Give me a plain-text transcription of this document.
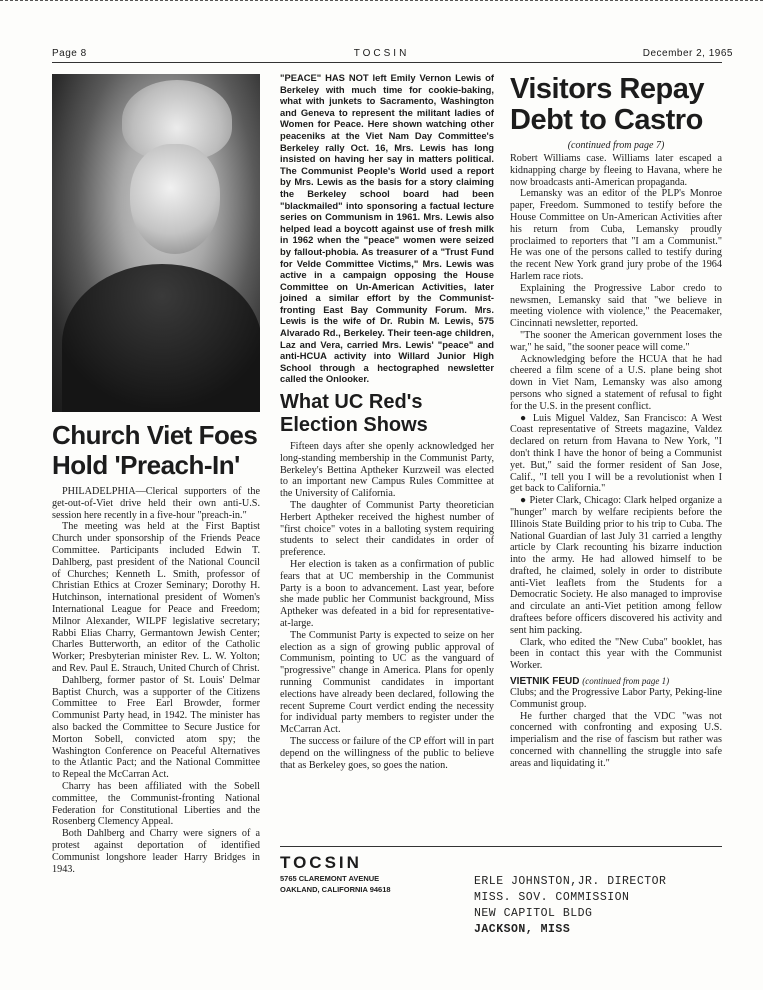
Page 8	TOCSIN	December 2, 1965
Church Viet Foes Hold 'Preach-In'

PHILADELPHIA—Clerical supporters of the get-out-of-Viet drive held their own anti-U.S. session here recently in a five-hour "preach-in."

The meeting was held at the First Baptist Church under sponsorship of the Friends Peace Committee. Participants included Edwin T. Dahlberg, past president of the National Council of Churches; Kenneth L. Smith, professor of Christian Ethics at Crozer Seminary; Dorothy H. Hutchinson, international president of Women's International League for Peace and Freedom; Milnor Alexander, WILPF legislative secretary; Rabbi Elias Charry, Germantown Jewish Center; Charles Butterworth, an editor of the Catholic Worker; Presbyterian minister Rev. L. W. Yolton; and Rev. Paul E. Strauch, United Church of Christ.

Dahlberg, former pastor of St. Louis' Delmar Baptist Church, was a supporter of the Citizens Committee to Free Earl Browder, former Communist Party head, in 1942. The minister has also backed the Committee to Secure Justice for Morton Sobell, convicted atom spy; the Washington Conference on Peaceful Alternatives to the Atlantic Pact; and the National Committee to Repeal the McCarran Act.

Charry has been affiliated with the Sobell committee, the Communist-fronting National Federation for Constitutional Liberties and the Rosenberg Clemency Appeal.

Both Dahlberg and Charry were signers of a protest against deportation of identified Communist longshore leader Harry Bridges in 1943.

"PEACE" HAS NOT left Emily Vernon Lewis of Berkeley with much time for cookie-baking, what with junkets to Sacramento, Washington and Geneva to represent the militant ladies of Women for Peace. Here shown watching other peaceniks at the Viet Nam Day Committee's Berkeley rally Oct. 16, Mrs. Lewis has long insisted on having her say in matters political. The Communist People's World used a report by Mrs. Lewis as the basis for a story claiming the Berkeley school board had been "blackmailed" into sponsoring a factual lecture series on Communism in 1961. Mrs. Lewis also helped lead a boycott against use of fresh milk in 1962 when the "peace" women were seized by fallout-phobia. As treasurer of a "Trust Fund for Velde Committee Victims," Mrs. Lewis was active in a campaign opposing the House Committee on Un-American Activities, later joined a similar effort by the Communist-fronting East Bay Community Forum. Mrs. Lewis is the wife of Dr. Rubin M. Lewis, 575 Alvarado Rd., Berkeley. Their teen-age children, Laz and Vera, carried Mrs. Lewis' "peace" and anti-HCUA activity into Willard Junior High School through a hectographed newsletter called the Onlooker.
What UC Red's Election Shows

Fifteen days after she openly acknowledged her long-standing membership in the Communist Party, Berkeley's Bettina Aptheker Kurzweil was elected to an important new Campus Rules Committee at the University of California.

The daughter of Communist Party theoretician Herbert Aptheker received the highest number of "first choice" votes in a balloting system requiring students to select their candidates in order of preference.

Her election is taken as a confirmation of public fears that at UC membership in the Communist Party is a boon to advancement. Last year, before she made public her Communist background, Miss Aptheker was defeated in a bid for representative-at-large.

The Communist Party is expected to seize on her election as a sign of growing public approval of Communism, pointing to UC as the vanguard of "progressive" change in America. Plans for openly running Communist candidates in important elections have already been declared, following the recent Supreme Court verdict ending the necessity for individual party members to register under the McCarran Act.

The success or failure of the CP effort will in part depend on the willingness of the public to believe that as Berkeley goes, so goes the nation.

Visitors Repay Debt to Castro
(continued from page 7)

Robert Williams case. Williams later escaped a kidnapping charge by fleeing to Havana, where he now broadcasts anti-American propaganda.

Lemansky was an editor of the PLP's Monroe paper, Freedom. Summoned to testify before the House Committee on Un-American Activities after his return from Cuba, Lemansky proudly proclaimed to reporters that "I am a Communist." He was one of the persons called to testify during the recent New York grand jury probe of the 1964 Harlem race riots.

Explaining the Progressive Labor credo to newsmen, Lemansky said that "we believe in meeting violence with violence," the Peacemaker, Cincinnati newsletter, reported.

"The sooner the American government loses the war," he said, "the sooner peace will come."

Acknowledging before the HCUA that he had cheered a film scene of a U.S. plane being shot down in Viet Nam, Lemansky was also among persons who signed a statement of refusal to fight for the U.S. in the present conflict.

● Luis Miguel Valdez, San Francisco: A West Coast representative of Streets magazine, Valdez declared on return from Havana to New York, "I don't think I have the honor of being a Communist yet. But," said the former resident of San Jose, Calif., "I tell you I will be a revolutionist when I get back to California."

● Pieter Clark, Chicago: Clark helped organize a "hunger" march by welfare recipients before the Illinois State Building prior to his trip to Cuba. The National Guardian of last July 31 carried a lengthy article by Clark recounting his bizarre induction into the army. He had allowed himself to be drafted, he claimed, solely in order to distribute anti-Viet leaflets from the Students for a Democratic Society. He also managed to improvise and circulate an anti-Viet petition among fellow draftees before officers discovered his activity and sent him packing.

Clark, who edited the "New Cuba" booklet, has been in contact this year with the Communist Worker.

VIETNIK FEUD (continued from page 1)

Clubs; and the Progressive Labor Party, Peking-line Communist group.

He further charged that the VDC "was not concerned with confronting and exposing U.S. imperialism and the rise of fascism but rather was concerned with channelling the struggle into safe areas and liquidating it."

TOCSIN
5765 CLAREMONT AVENUE
OAKLAND, CALIFORNIA 94618
ERLE JOHNSTON,JR. DIRECTOR
MISS. SOV. COMMISSION
NEW CAPITOL BLDG
JACKSON, MISS
